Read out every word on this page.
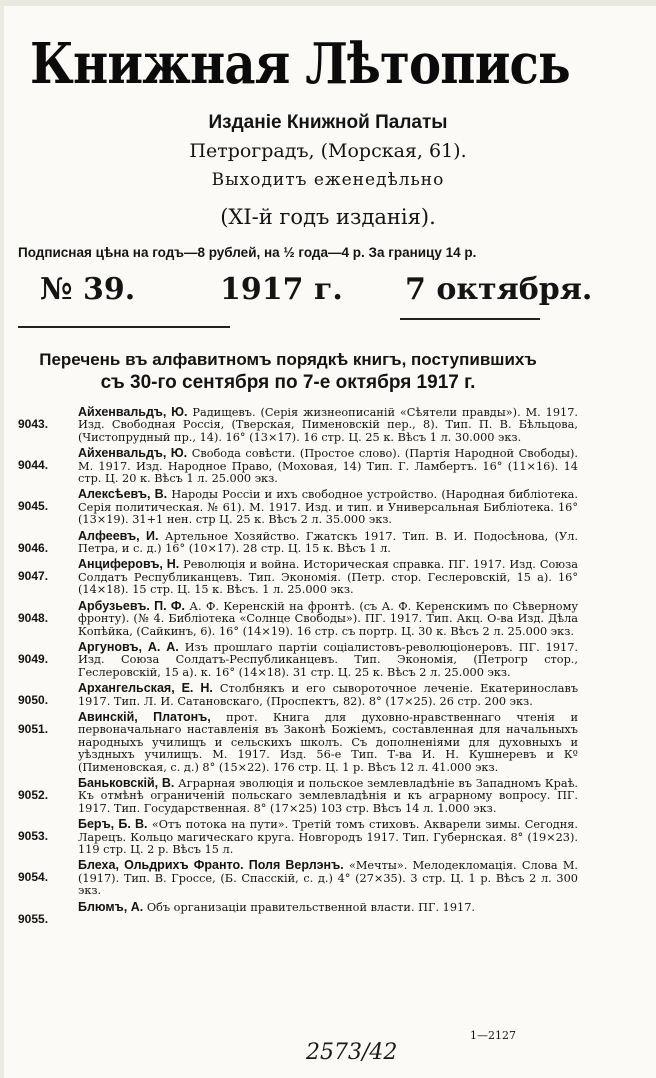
Книжная Лѣтопись
Изданіе Книжной Палаты
Петроградъ, (Морская, 61).
Выходитъ еженедѣльно
(XI-й годъ изданія).
Подписная цѣна на годъ—8 рублей, на ½ года—4 р. За границу 14 р.
№ 39.	1917 г. 7 октября.
Перечень въ алфавитномъ порядкѣ книгъ, поступившихъ
съ 30-го сентября по 7-е октября 1917 г.
9043.
Айхенвальдъ, Ю. Радищевъ. (Серія жизнеописаній «Сѣятели правды»). М. 1917. Изд. Свободная Россія, (Тверская, Пименовскій пер., 8). Тип. П. В. Бѣльцова, (Чистопрудный пр., 14). 16° (13×17). 16 стр. Ц. 25 к. Вѣсъ 1 л. 30.000 экз.
9044.
Айхенвальдъ, Ю. Свобода совѣсти. (Простое слово). (Партія Народной Свободы). М. 1917. Изд. Народное Право, (Моховая, 14) Тип. Г. Ламбертъ. 16° (11×16). 14 стр. Ц. 20 к. Вѣсъ 1 л. 25.000 экз.
9045.
Алексѣевъ, В. Народы Россіи и ихъ свободное устройство. (Народная библіотека. Серія политическая. № 61). М. 1917. Изд. и тип. и Универсальная Библіотека. 16° (13×19). 31+1 нен. стр Ц. 25 к. Вѣсъ 2 л. 35.000 экз.
9046.
Алфеевъ, И. Артельное Хозяйство. Гжатскъ 1917. Тип. В. И. Подосѣнова, (Ул. Петра, и с. д.) 16° (10×17). 28 стр. Ц. 15 к. Вѣсъ 1 л.
9047.
Анциферовъ, Н. Революція и война. Историческая справка. ПГ. 1917. Изд. Союза Солдатъ Республиканцевъ. Тип. Экономія. (Петр. стор. Геслеровскій, 15 а). 16° (14×18). 15 стр. Ц. 15 к. Вѣсъ. 1 л. 25.000 экз.
9048.
Арбузьевъ. П. Ф. А. Ф. Керенскій на фронтѣ. (съ А. Ф. Керенскимъ по Сѣверному фронту). (№ 4. Библіотека «Солнце Свободы»). ПГ. 1917. Тип. Акц. О-ва Изд. Дѣла Копѣйка, (Сайкинъ, 6). 16° (14×19). 16 стр. съ портр. Ц. 30 к. Вѣсъ 2 л. 25.000 экз.
9049.
Аргуновъ, А. А. Изъ прошлаго партіи соціалистовъ-революціонеровъ. ПГ. 1917. Изд. Союза Солдатъ-Республиканцевъ. Тип. Экономія, (Петрогр стор., Геслеровскій, 15 а). к. 16° (14×18). 31 стр. Ц. 25 к. Вѣсъ 2 л. 25.000 экз.
9050.
Архангельская, Е. Н. Столбнякъ и его сывороточное леченіе. Екатеринославъ 1917. Тип. Л. И. Сатановскаго, (Проспектъ, 82). 8° (17×25). 26 стр. 200 экз.
9051.
Авинскій, Платонъ, прот. Книга для духовно-нравственнаго чтенія и первоначальнаго наставленія въ Законѣ Божіемъ, составленная для начальныхъ народныхъ училищъ и сельскихъ школъ. Съ дополненіями для духовныхъ и уѣздныхъ училищъ. М. 1917. Изд. 56-е Тип. Т-ва И. Н. Кушнеревъ и Кº (Пименовская, с. д.) 8° (15×22). 176 стр. Ц. 1 р. Вѣсъ 12 л. 41.000 экз.
9052.
Баньковскій, В. Аграрная эволюція и польское землевладѣніе въ Западномъ Краѣ. Къ отмѣнѣ ограниченій польскаго землевладѣнія и къ аграрному вопросу. ПГ. 1917. Тип. Государственная. 8° (17×25) 103 стр. Вѣсъ 14 л. 1.000 экз.
9053.
Беръ, Б. В. «Отъ потока на пути». Третій томъ стиховъ. Акварели зимы. Сегодня. Ларецъ. Кольцо магическаго круга. Новгородъ 1917. Тип. Губернская. 8° (19×23). 119 стр. Ц. 2 р. Вѣсъ 15 л.
9054.
Блеха, Ольдрихъ Франто. Поля Верлэнъ. «Мечты». Мелодекломація. Слова М. (1917). Тип. В. Гроссе, (Б. Спасскій, с. д.) 4° (27×35). 3 стр. Ц. 1 р. Вѣсъ 2 л. 300 экз.
9055.
Блюмъ, А. Объ организаціи правительственной власти. ПГ. 1917.
1—2127
2573/42
